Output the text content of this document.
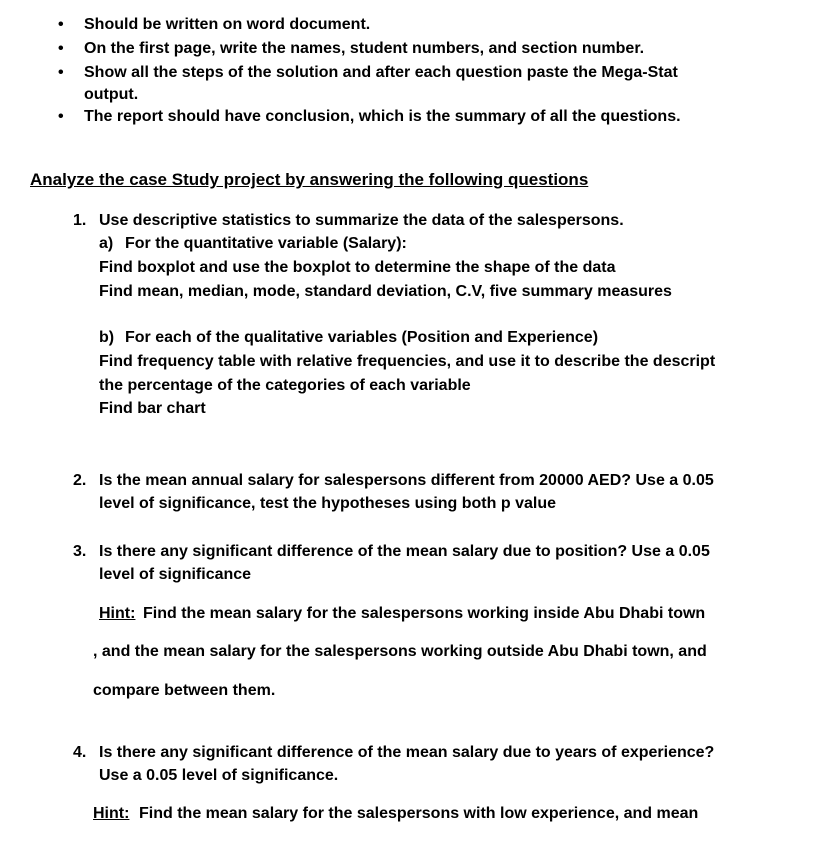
• Should be written on word document.
• On the first page, write the names, student numbers, and section number.
• Show all the steps of the solution and after each question paste the Mega-Stat
output.
• The report should have conclusion, which is the summary of all the questions.
Analyze the case Study project by answering the following questions
1. Use descriptive statistics to summarize the data of the salespersons.
a) For the quantitative variable (Salary):
Find boxplot and use the boxplot to determine the shape of the data
Find mean, median, mode, standard deviation, C.V, five summary measures
b) For each of the qualitative variables (Position and Experience)
Find frequency table with relative frequencies, and use it to describe the descript
the percentage of the categories of each variable
Find bar chart
2. Is the mean annual salary for salespersons different from 20000 AED? Use a 0.05
level of significance, test the hypotheses using both p value
3. Is there any significant difference of the mean salary due to position? Use a 0.05
level of significance
Hint: Find the mean salary for the salespersons working inside Abu Dhabi town
, and the mean salary for the salespersons working outside Abu Dhabi town, and
compare between them.
4. Is there any significant difference of the mean salary due to years of experience?
Use a 0.05 level of significance.
Hint: Find the mean salary for the salespersons with low experience, and mean
